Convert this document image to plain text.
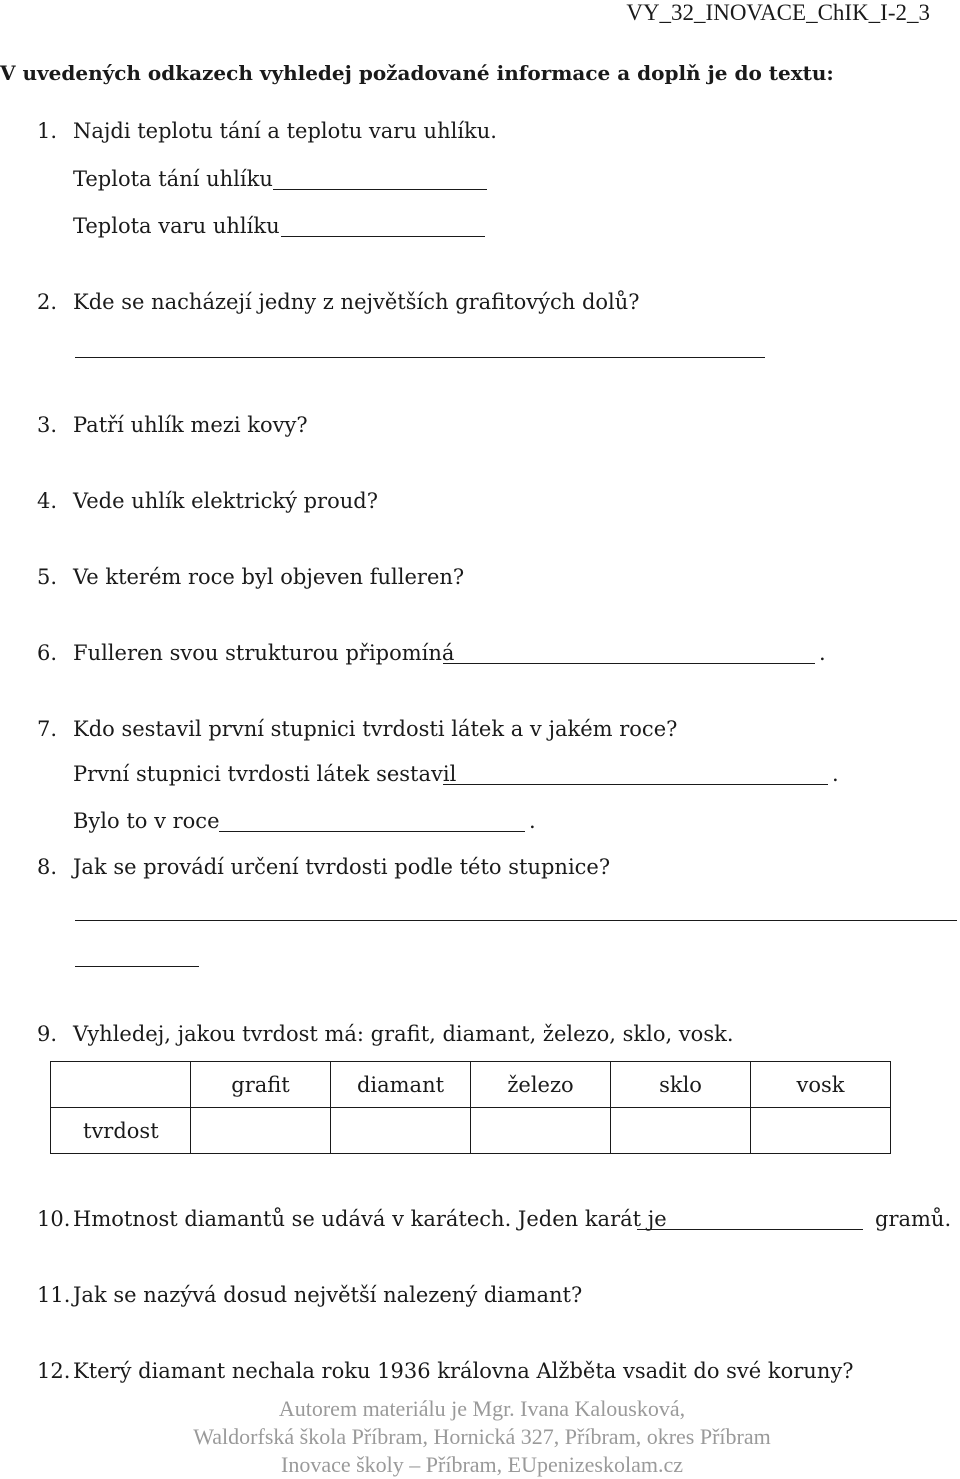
VY_32_INOVACE_ChIK_I-2_3
V uvedených odkazech vyhledej požadované informace a doplň je do textu:
1. Najdi teplotu tání a teplotu varu uhlíku.
Teplota tání uhlíku
Teplota varu uhlíku
2. Kde se nacházejí jedny z největších grafitových dolů?
3. Patří uhlík mezi kovy?
4. Vede uhlík elektrický proud?
5. Ve kterém roce byl objeven fulleren?
6. Fulleren svou strukturou připomíná	.
7. Kdo sestavil první stupnici tvrdosti látek a v jakém roce?
První stupnici tvrdosti látek sestavil	.
Bylo to v roce	.
8. Jak se provádí určení tvrdosti podle této stupnice?
9. Vyhledej, jakou tvrdost má: grafit, diamant, železo, sklo, vosk.
	grafit	diamant	železo	sklo	vosk
tvrdost					
10. Hmotnost diamantů se udává v karátech. Jeden karát je	gramů.
11. Jak se nazývá dosud největší nalezený diamant?
12. Který diamant nechala roku 1936 královna Alžběta vsadit do své koruny?
Autorem materiálu je Mgr. Ivana Kalousková,
Waldorfská škola Příbram, Hornická 327, Příbram, okres Příbram
Inovace školy – Příbram, EUpenizeskolam.cz
